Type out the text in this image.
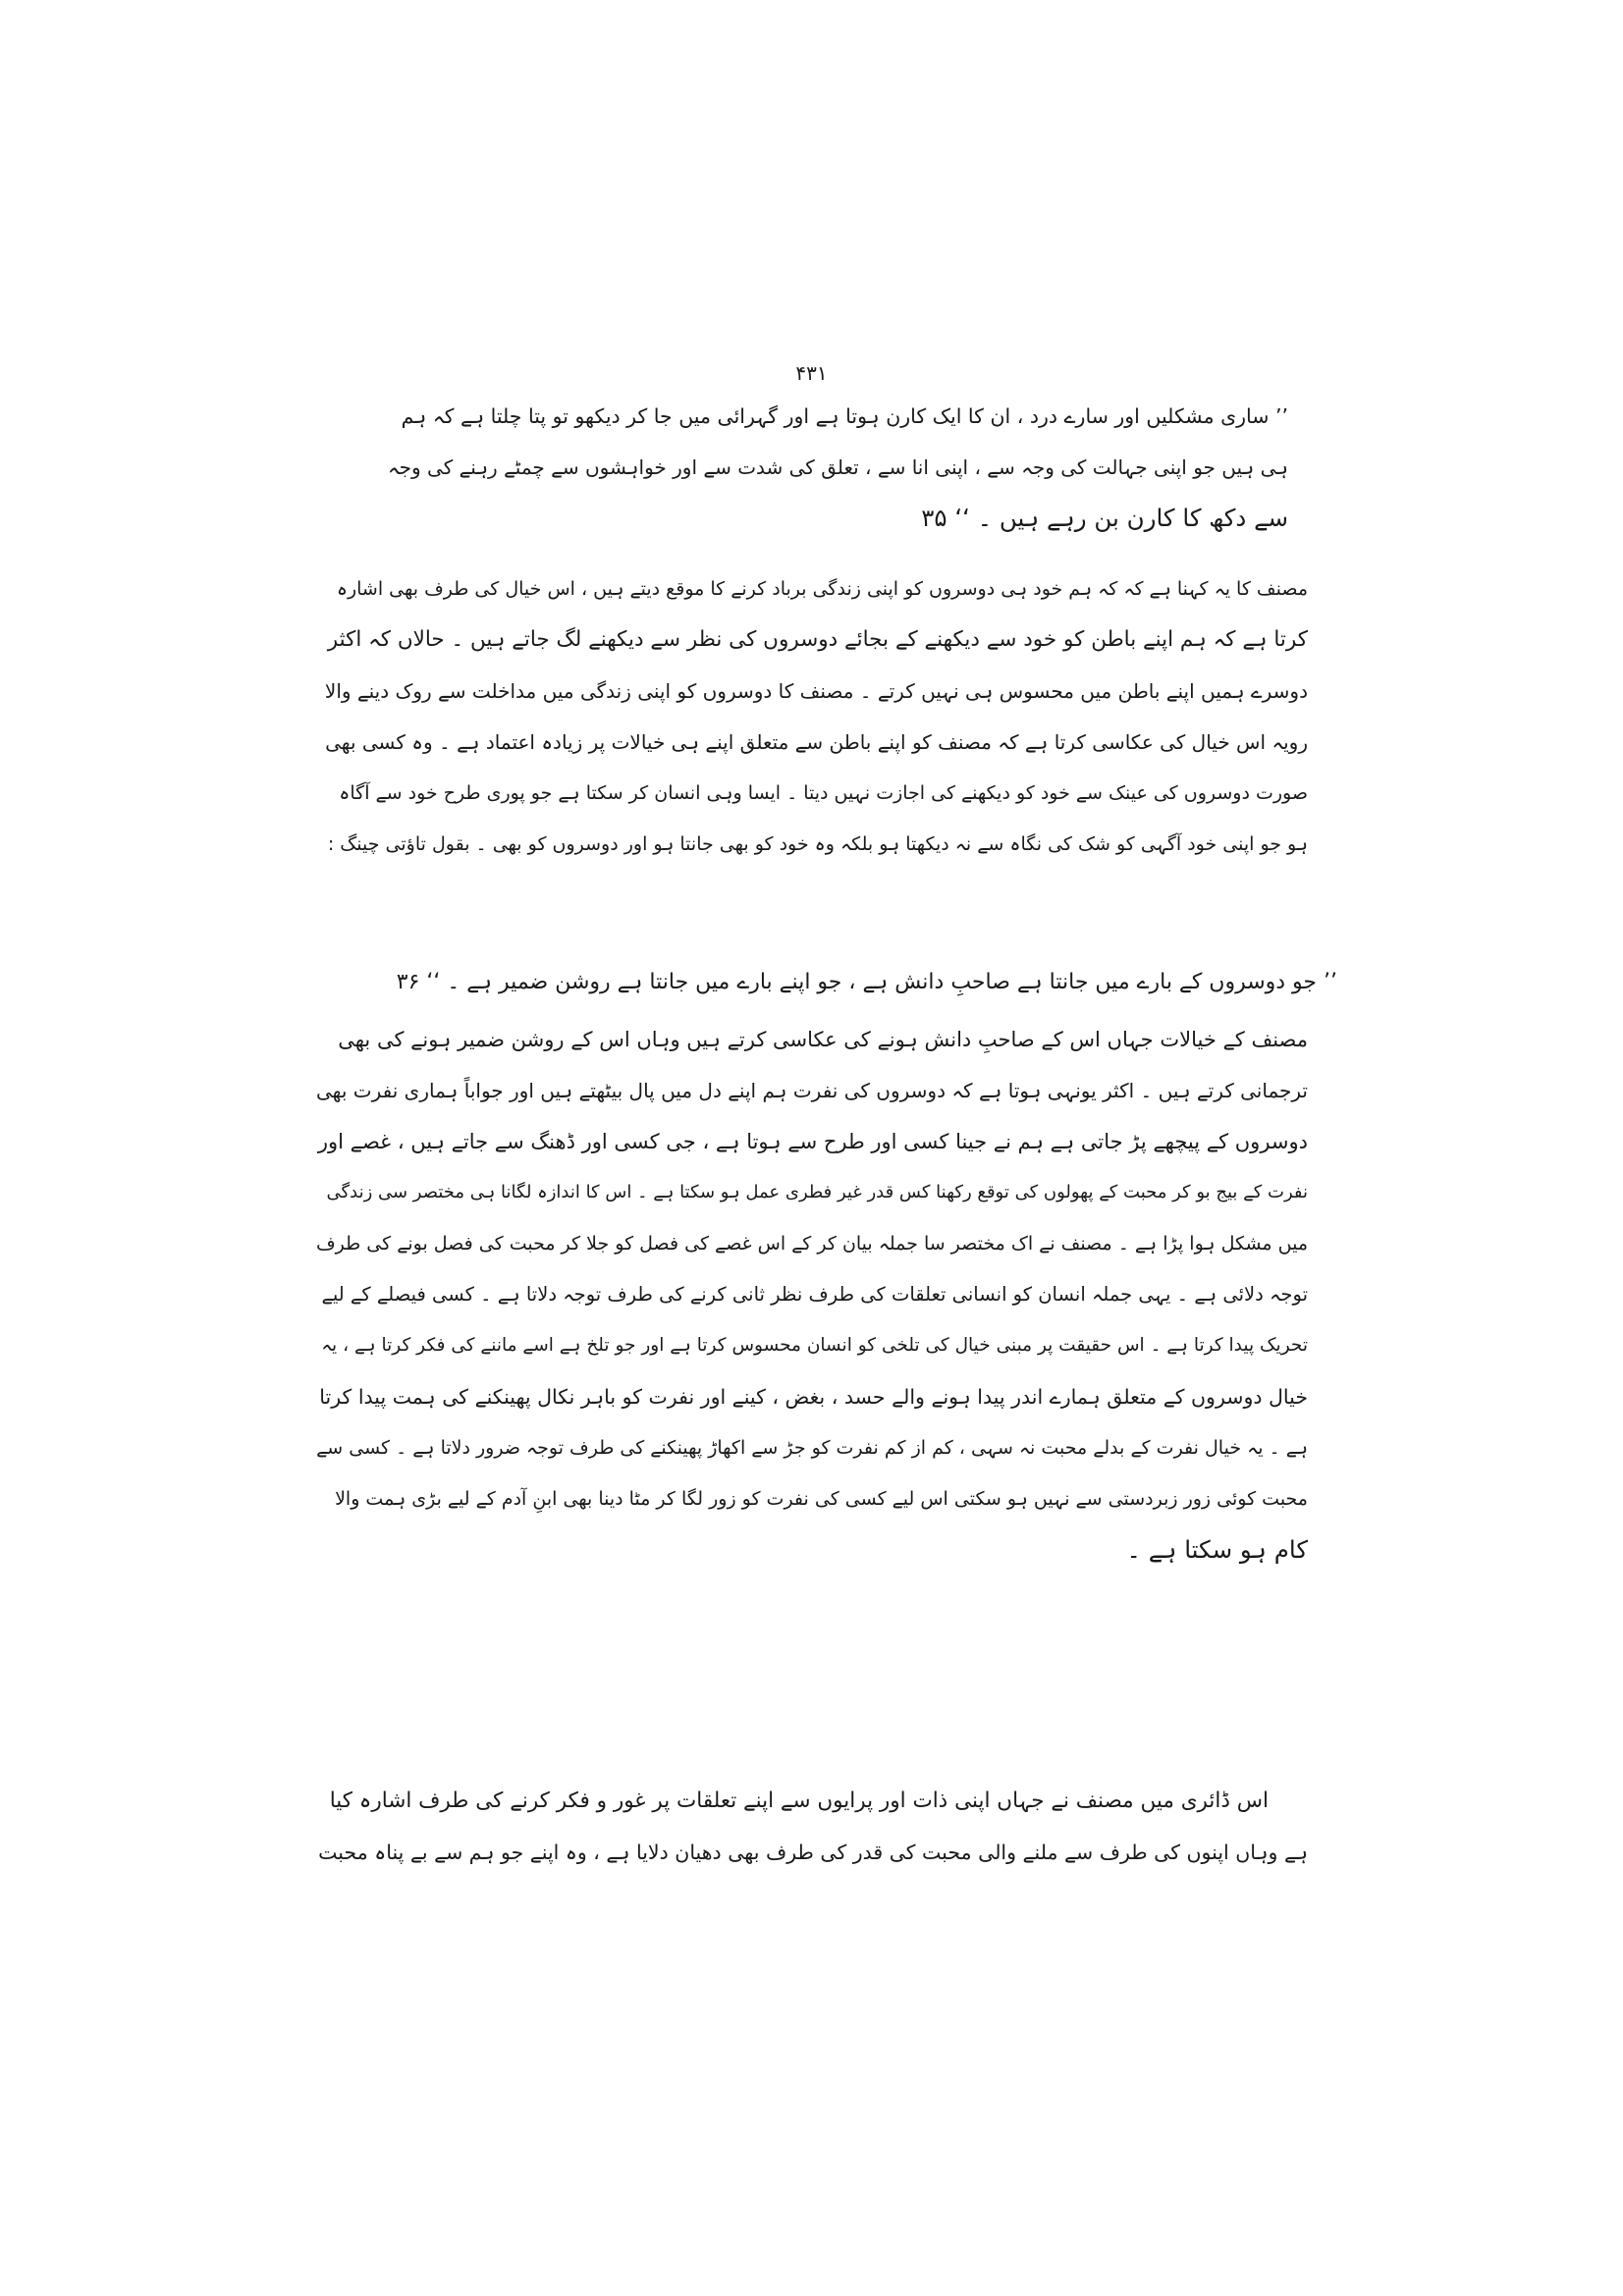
۴۳۱
’’ ساری مشکلیں اور سارے درد ، ان کا ایک کارن ہوتا ہے اور گہرائی میں جا کر دیکھو تو پتا چلتا ہے کہ ہم
ہی ہیں جو اپنی جہالت کی وجہ سے ، اپنی انا سے ، تعلق کی شدت سے اور خواہشوں سے چمٹے رہنے کی وجہ
سے دکھ کا کارن بن رہے ہیں ۔ ‘‘ ۳۵
مصنف کا یہ کہنا ہے کہ کہ ہم خود ہی دوسروں کو اپنی زندگی برباد کرنے کا موقع دیتے ہیں ، اس خیال کی طرف بھی اشارہ
کرتا ہے کہ ہم اپنے باطن کو خود سے دیکھنے کے بجائے دوسروں کی نظر سے دیکھنے لگ جاتے ہیں ۔ حالاں کہ اکثر
دوسرے ہمیں اپنے باطن میں محسوس ہی نہیں کرتے ۔ مصنف کا دوسروں کو اپنی زندگی میں مداخلت سے روک دینے والا
رویہ اس خیال کی عکاسی کرتا ہے کہ مصنف کو اپنے باطن سے متعلق اپنے ہی خیالات پر زیادہ اعتماد ہے ۔ وہ کسی بھی
صورت دوسروں کی عینک سے خود کو دیکھنے کی اجازت نہیں دیتا ۔ ایسا وہی انسان کر سکتا ہے جو پوری طرح خود سے آگاہ
ہو جو اپنی خود آگہی کو شک کی نگاہ سے نہ دیکھتا ہو بلکہ وہ خود کو بھی جانتا ہو اور دوسروں کو بھی ۔ بقول تاؤتی چینگ :
’’ جو دوسروں کے بارے میں جانتا ہے صاحبِ دانش ہے ، جو اپنے بارے میں جانتا ہے روشن ضمیر ہے ۔ ‘‘ ۳۶
مصنف کے خیالات جہاں اس کے صاحبِ دانش ہونے کی عکاسی کرتے ہیں وہاں اس کے روشن ضمیر ہونے کی بھی
ترجمانی کرتے ہیں ۔ اکثر یونہی ہوتا ہے کہ دوسروں کی نفرت ہم اپنے دل میں پال بیٹھتے ہیں اور جواباً ہماری نفرت بھی
دوسروں کے پیچھے پڑ جاتی ہے ہم نے جینا کسی اور طرح سے ہوتا ہے ، جی کسی اور ڈھنگ سے جاتے ہیں ، غصے اور
نفرت کے بیج بو کر محبت کے پھولوں کی توقع رکھنا کس قدر غیر فطری عمل ہو سکتا ہے ۔ اس کا اندازہ لگانا ہی مختصر سی زندگی
میں مشکل ہوا پڑا ہے ۔ مصنف نے اک مختصر سا جملہ بیان کر کے اس غصے کی فصل کو جلا کر محبت کی فصل بونے کی طرف
توجہ دلائی ہے ۔ یہی جملہ انسان کو انسانی تعلقات کی طرف نظر ثانی کرنے کی طرف توجہ دلاتا ہے ۔ کسی فیصلے کے لیے
تحریک پیدا کرتا ہے ۔ اس حقیقت پر مبنی خیال کی تلخی کو انسان محسوس کرتا ہے اور جو تلخ ہے اسے ماننے کی فکر کرتا ہے ، یہ
خیال دوسروں کے متعلق ہمارے اندر پیدا ہونے والے حسد ، بغض ، کینے اور نفرت کو باہر نکال پھینکنے کی ہمت پیدا کرتا
ہے ۔ یہ خیال نفرت کے بدلے محبت نہ سہی ، کم از کم نفرت کو جڑ سے اکھاڑ پھینکنے کی طرف توجہ ضرور دلاتا ہے ۔ کسی سے
محبت کوئی زور زبردستی سے نہیں ہو سکتی اس لیے کسی کی نفرت کو زور لگا کر مٹا دینا بھی ابنِ آدم کے لیے بڑی ہمت والا
کام ہو سکتا ہے ۔
اس ڈائری میں مصنف نے جہاں اپنی ذات اور پرایوں سے اپنے تعلقات پر غور و فکر کرنے کی طرف اشارہ کیا
ہے وہاں اپنوں کی طرف سے ملنے والی محبت کی قدر کی طرف بھی دھیان دلایا ہے ، وہ اپنے جو ہم سے بے پناہ محبت
